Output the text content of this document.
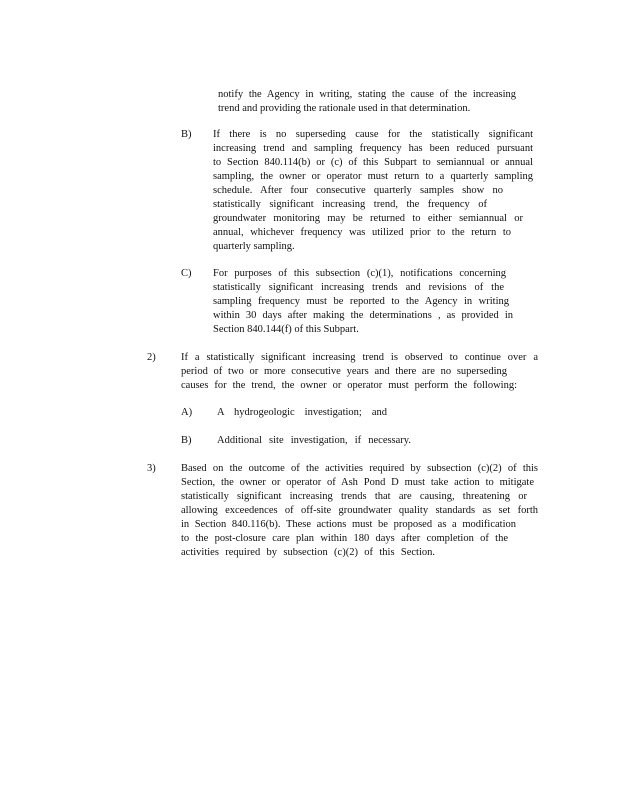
notify the Agency in writing, stating the cause of the increasing
trend and providing the rationale used in that determination.
B) If there is no superseding cause for the statistically significant
increasing trend and sampling frequency has been reduced pursuant
to Section 840.114(b) or (c) of this Subpart to semiannual or annual
sampling, the owner or operator must return to a quarterly sampling
schedule. After four consecutive quarterly samples show no
statistically significant increasing trend, the frequency of
groundwater monitoring may be returned to either semiannual or
annual, whichever frequency was utilized prior to the return to
quarterly sampling.
C) For purposes of this subsection (c)(1), notifications concerning
statistically significant increasing trends and revisions of the
sampling frequency must be reported to the Agency in writing
within 30 days after making the determinations , as provided in
Section 840.144(f) of this Subpart.
2) If a statistically significant increasing trend is observed to continue over a
period of two or more consecutive years and there are no superseding
causes for the trend, the owner or operator must perform the following:
A) A hydrogeologic investigation; and
B) Additional site investigation, if necessary.
3) Based on the outcome of the activities required by subsection (c)(2) of this
Section, the owner or operator of Ash Pond D must take action to mitigate
statistically significant increasing trends that are causing, threatening or
allowing exceedences of off-site groundwater quality standards as set forth
in Section 840.116(b). These actions must be proposed as a modification
to the post-closure care plan within 180 days after completion of the
activities required by subsection (c)(2) of this Section.
